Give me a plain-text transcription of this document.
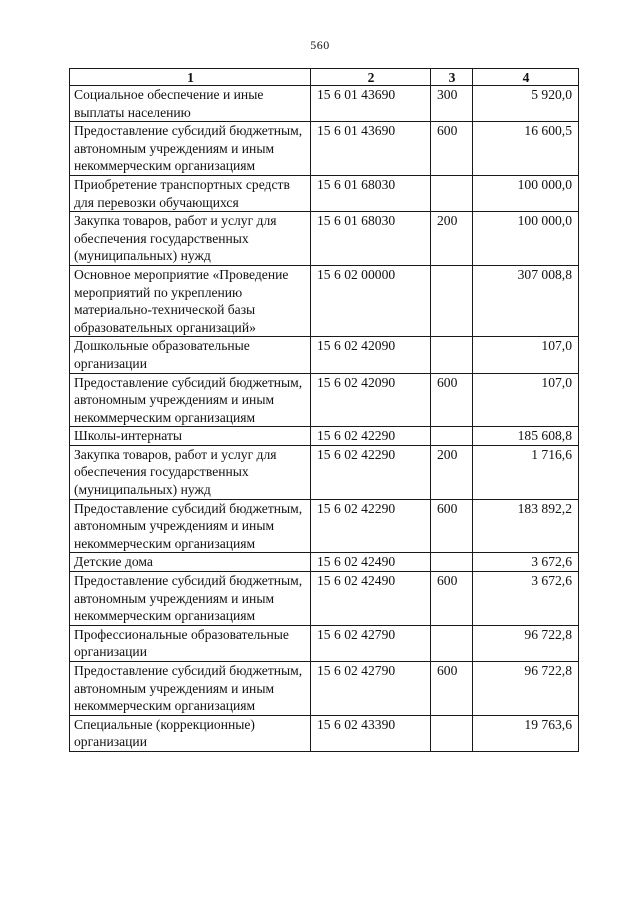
560
1	2	3	4
Социальное обеспечение и иные выплаты населению	15 6 01 43690	300	5 920,0
Предоставление субсидий бюджетным, автономным учреждениям и иным некоммерческим организациям	15 6 01 43690	600	16 600,5
Приобретение транспортных средств для перевозки обучающихся	15 6 01 68030		100 000,0
Закупка товаров, работ и услуг для обеспечения государственных (муниципальных) нужд	15 6 01 68030	200	100 000,0
Основное мероприятие «Проведение мероприятий по укреплению материально-технической базы образовательных организаций»	15 6 02 00000		307 008,8
Дошкольные образовательные организации	15 6 02 42090		107,0
Предоставление субсидий бюджетным, автономным учреждениям и иным некоммерческим организациям	15 6 02 42090	600	107,0
Школы-интернаты	15 6 02 42290		185 608,8
Закупка товаров, работ и услуг для обеспечения государственных (муниципальных) нужд	15 6 02 42290	200	1 716,6
Предоставление субсидий бюджетным, автономным учреждениям и иным некоммерческим организациям	15 6 02 42290	600	183 892,2
Детские дома	15 6 02 42490		3 672,6
Предоставление субсидий бюджетным, автономным учреждениям и иным некоммерческим организациям	15 6 02 42490	600	3 672,6
Профессиональные образовательные организации	15 6 02 42790		96 722,8
Предоставление субсидий бюджетным, автономным учреждениям и иным некоммерческим организациям	15 6 02 42790	600	96 722,8
Специальные (коррекционные) организации	15 6 02 43390		19 763,6
